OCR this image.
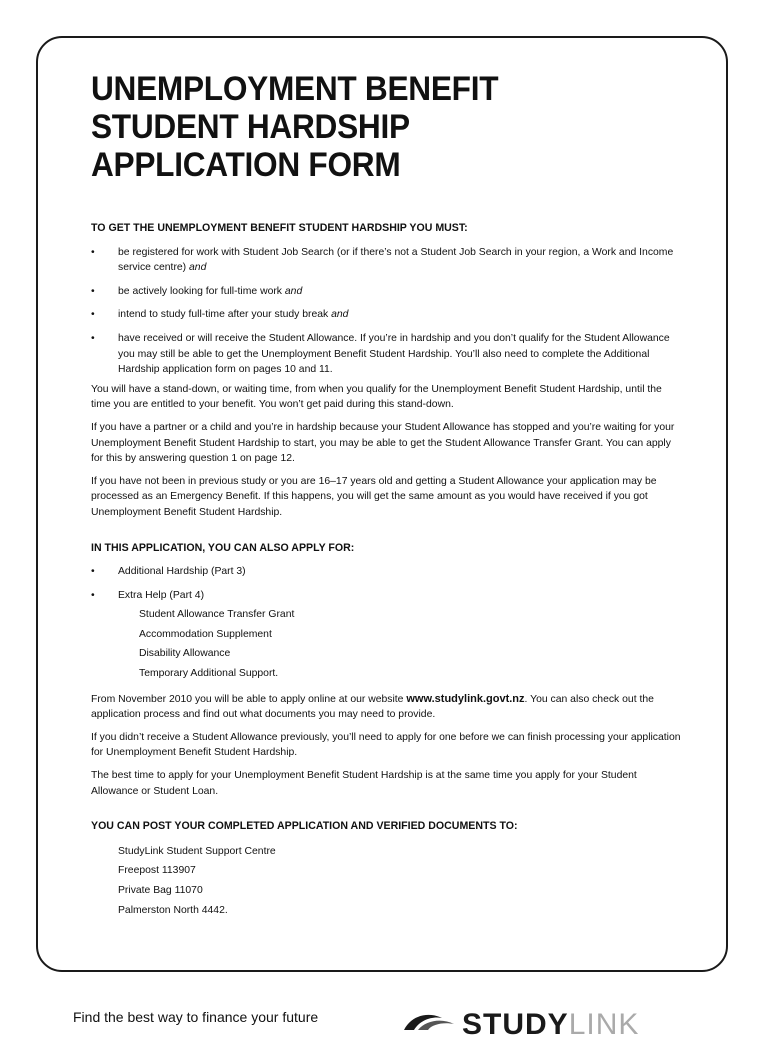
UNEMPLOYMENT BENEFIT
STUDENT HARDSHIP
APPLICATION FORM
TO GET THE UNEMPLOYMENT BENEFIT STUDENT HARDSHIP YOU MUST:
• be registered for work with Student Job Search (or if there’s not a Student Job Search in your region, a Work and Income service centre) and
• be actively looking for full-time work and
• intend to study full-time after your study break and
• have received or will receive the Student Allowance. If you’re in hardship and you don’t qualify for the Student Allowance you may still be able to get the Unemployment Benefit Student Hardship. You’ll also need to complete the Additional Hardship application form on pages 10 and 11.

You will have a stand-down, or waiting time, from when you qualify for the Unemployment Benefit Student Hardship, until the time you are entitled to your benefit. You won’t get paid during this stand-down.

If you have a partner or a child and you’re in hardship because your Student Allowance has stopped and you’re waiting for your Unemployment Benefit Student Hardship to start, you may be able to get the Student Allowance Transfer Grant. You can apply for this by answering question 1 on page 12.

If you have not been in previous study or you are 16–17 years old and getting a Student Allowance your application may be processed as an Emergency Benefit. If this happens, you will get the same amount as you would have received if you got Unemployment Benefit Student Hardship.

IN THIS APPLICATION, YOU CAN ALSO APPLY FOR:
• Additional Hardship (Part 3)
• Extra Help (Part 4)
Student Allowance Transfer Grant
Accommodation Supplement
Disability Allowance
Temporary Additional Support.

From November 2010 you will be able to apply online at our website www.studylink.govt.nz. You can also check out the application process and find out what documents you may need to provide.

If you didn’t receive a Student Allowance previously, you’ll need to apply for one before we can finish processing your application for Unemployment Benefit Student Hardship.

The best time to apply for your Unemployment Benefit Student Hardship is at the same time you apply for your Student Allowance or Student Loan.

YOU CAN POST YOUR COMPLETED APPLICATION AND VERIFIED DOCUMENTS TO:
StudyLink Student Support Centre
Freepost 113907
Private Bag 11070
Palmerston North 4442.
Find the best way to finance your future	STUDYLINK
